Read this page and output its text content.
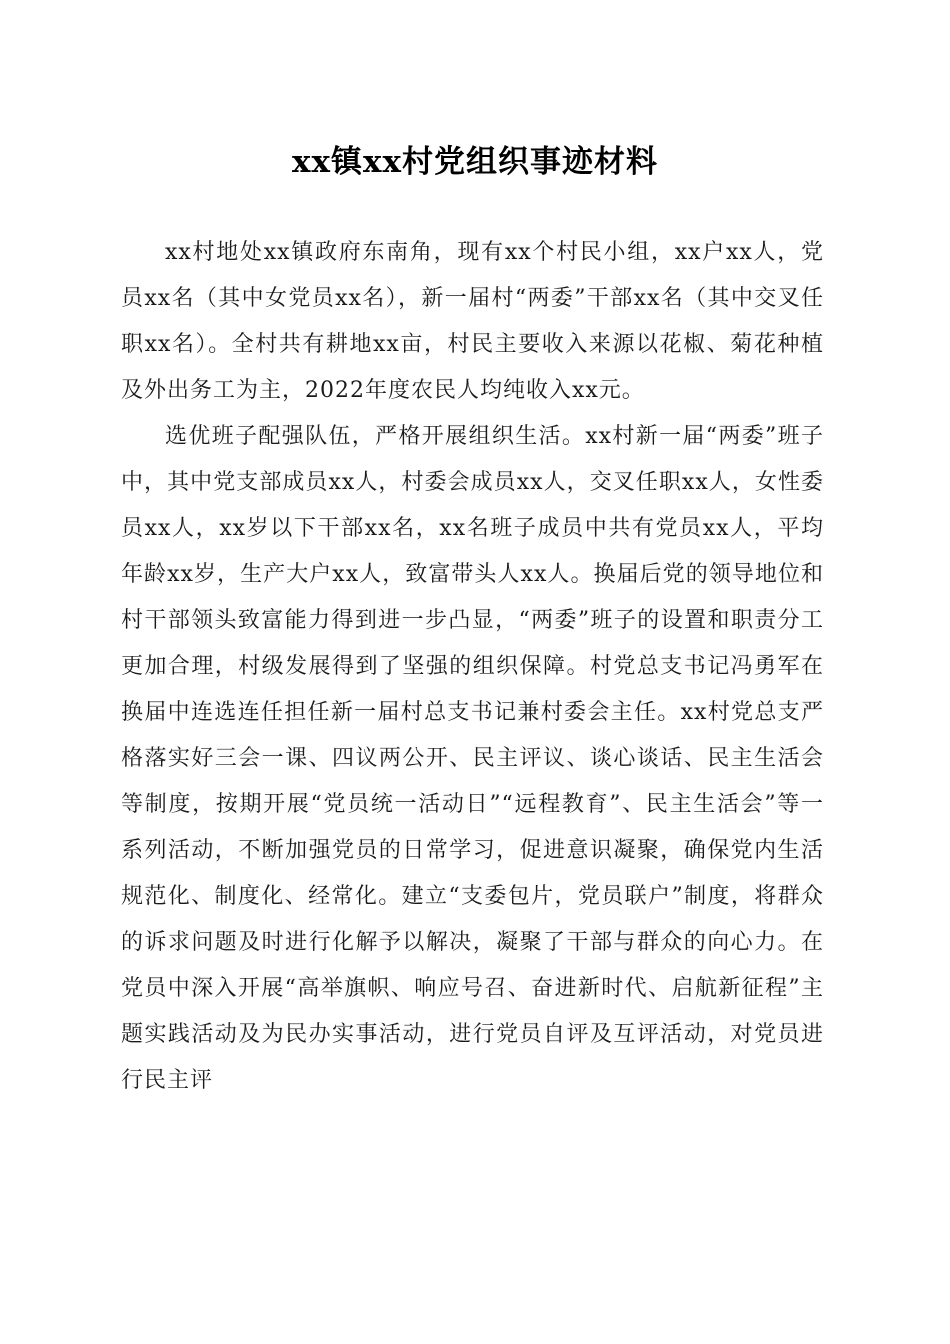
xx镇xx村党组织事迹材料

xx村地处xx镇政府东南角，现有xx个村民小组，xx户xx人，党员xx名（其中女党员xx名），新一届村“两委”干部xx名（其中交叉任职xx名）。全村共有耕地xx亩，村民主要收入来源以花椒、菊花种植及外出务工为主，2022年度农民人均纯收入xx元。

选优班子配强队伍，严格开展组织生活。xx村新一届“两委”班子中，其中党支部成员xx人，村委会成员xx人，交叉任职xx人，女性委员xx人，xx岁以下干部xx名，xx名班子成员中共有党员xx人，平均年龄xx岁，生产大户xx人，致富带头人xx人。换届后党的领导地位和村干部领头致富能力得到进一步凸显，“两委”班子的设置和职责分工更加合理，村级发展得到了坚强的组织保障。村党总支书记冯勇军在换届中连选连任担任新一届村总支书记兼村委会主任。xx村党总支严格落实好三会一课、四议两公开、民主评议、谈心谈话、民主生活会等制度，按期开展“党员统一活动日”“远程教育”、民主生活会”等一系列活动，不断加强党员的日常学习，促进意识凝聚，确保党内生活规范化、制度化、经常化。建立“支委包片，党员联户”制度，将群众的诉求问题及时进行化解予以解决，凝聚了干部与群众的向心力。在党员中深入开展“高举旗帜、响应号召、奋进新时代、启航新征程”主题实践活动及为民办实事活动，进行党员自评及互评活动，对党员进行民主评
